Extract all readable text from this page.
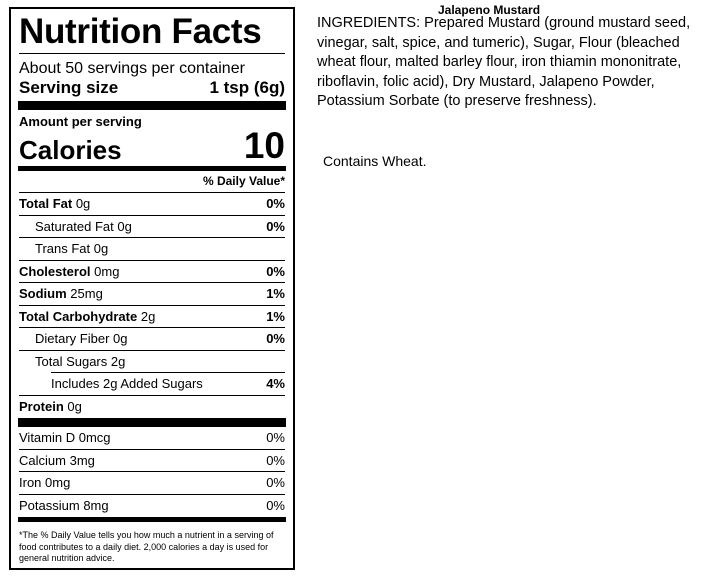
Nutrition Facts
About 50 servings per container
Serving size	1 tsp (6g)
Amount per serving
Calories	10
% Daily Value*
Total Fat 0g	0%
Saturated Fat 0g	0%
Trans Fat 0g
Cholesterol 0mg	0%
Sodium 25mg	1%
Total Carbohydrate 2g	1%
Dietary Fiber 0g	0%
Total Sugars 2g
Includes 2g Added Sugars	4%
Protein 0g
Vitamin D 0mcg	0%
Calcium 3mg	0%
Iron 0mg	0%
Potassium 8mg	0%
*The % Daily Value tells you how much a nutrient in a serving of food contributes to a daily diet. 2,000 calories a day is used for general nutrition advice.
Jalapeno Mustard
INGREDIENTS: Prepared Mustard (ground mustard seed, vinegar, salt, spice, and tumeric), Sugar, Flour (bleached wheat flour, malted barley flour, iron thiamin mononitrate, riboflavin, folic acid), Dry Mustard, Jalapeno Powder, Potassium Sorbate (to preserve freshness).
Contains Wheat.
